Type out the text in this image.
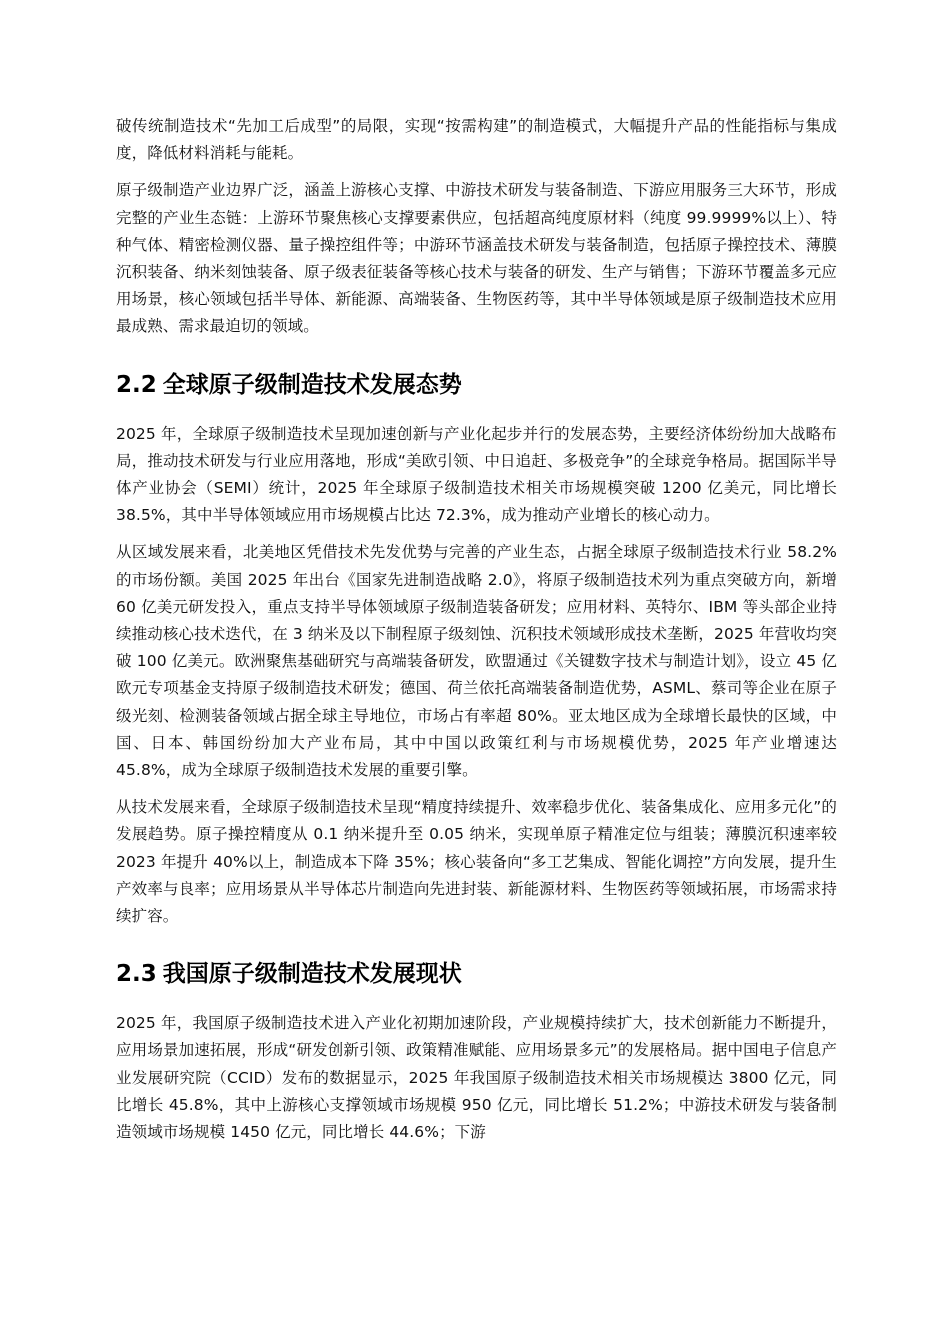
破传统制造技术“先加工后成型”的局限，实现“按需构建”的制造模式，大幅提升产品的性能指标与集成度，降低材料消耗与能耗。

原子级制造产业边界广泛，涵盖上游核心支撑、中游技术研发与装备制造、下游应用服务三大环节，形成完整的产业生态链：上游环节聚焦核心支撑要素供应，包括超高纯度原材料（纯度 99.9999%以上）、特种气体、精密检测仪器、量子操控组件等；中游环节涵盖技术研发与装备制造，包括原子操控技术、薄膜沉积装备、纳米刻蚀装备、原子级表征装备等核心技术与装备的研发、生产与销售；下游环节覆盖多元应用场景，核心领域包括半导体、新能源、高端装备、生物医药等，其中半导体领域是原子级制造技术应用最成熟、需求最迫切的领域。

2.2 全球原子级制造技术发展态势

2025 年，全球原子级制造技术呈现加速创新与产业化起步并行的发展态势，主要经济体纷纷加大战略布局，推动技术研发与行业应用落地，形成“美欧引领、中日追赶、多极竞争”的全球竞争格局。据国际半导体产业协会（SEMI）统计，2025 年全球原子级制造技术相关市场规模突破 1200 亿美元，同比增长 38.5%，其中半导体领域应用市场规模占比达 72.3%，成为推动产业增长的核心动力。

从区域发展来看，北美地区凭借技术先发优势与完善的产业生态，占据全球原子级制造技术行业 58.2%的市场份额。美国 2025 年出台《国家先进制造战略 2.0》，将原子级制造技术列为重点突破方向，新增 60 亿美元研发投入，重点支持半导体领域原子级制造装备研发；应用材料、英特尔、IBM 等头部企业持续推动核心技术迭代，在 3 纳米及以下制程原子级刻蚀、沉积技术领域形成技术垄断，2025 年营收均突破 100 亿美元。欧洲聚焦基础研究与高端装备研发，欧盟通过《关键数字技术与制造计划》，设立 45 亿欧元专项基金支持原子级制造技术研发；德国、荷兰依托高端装备制造优势，ASML、蔡司等企业在原子级光刻、检测装备领域占据全球主导地位，市场占有率超 80%。亚太地区成为全球增长最快的区域，中国、日本、韩国纷纷加大产业布局，其中中国以政策红利与市场规模优势，2025 年产业增速达 45.8%，成为全球原子级制造技术发展的重要引擎。

从技术发展来看，全球原子级制造技术呈现“精度持续提升、效率稳步优化、装备集成化、应用多元化”的发展趋势。原子操控精度从 0.1 纳米提升至 0.05 纳米，实现单原子精准定位与组装；薄膜沉积速率较 2023 年提升 40%以上，制造成本下降 35%；核心装备向“多工艺集成、智能化调控”方向发展，提升生产效率与良率；应用场景从半导体芯片制造向先进封装、新能源材料、生物医药等领域拓展，市场需求持续扩容。

2.3 我国原子级制造技术发展现状

2025 年，我国原子级制造技术进入产业化初期加速阶段，产业规模持续扩大，技术创新能力不断提升，应用场景加速拓展，形成“研发创新引领、政策精准赋能、应用场景多元”的发展格局。据中国电子信息产业发展研究院（CCID）发布的数据显示，2025 年我国原子级制造技术相关市场规模达 3800 亿元，同比增长 45.8%，其中上游核心支撑领域市场规模 950 亿元，同比增长 51.2%；中游技术研发与装备制造领域市场规模 1450 亿元，同比增长 44.6%；下游
